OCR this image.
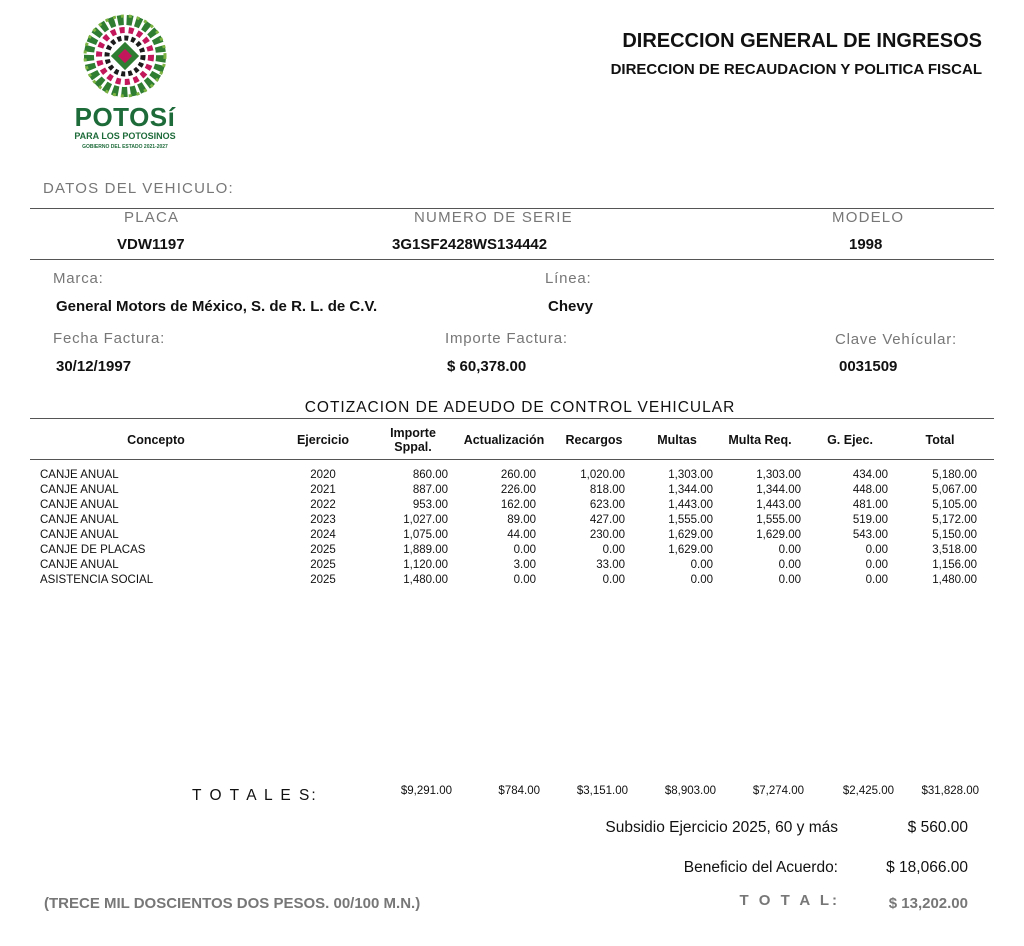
POTOSí
PARA LOS POTOSINOS
GOBIERNO DEL ESTADO 2021-2027
DIRECCION GENERAL DE INGRESOS
DIRECCION DE RECAUDACION Y POLITICA FISCAL
DATOS DEL VEHICULO:
PLACA
VDW1197
NUMERO DE SERIE
3G1SF2428WS134442
MODELO
1998
Marca:
General Motors de México, S. de R. L. de C.V.
Línea:
Chevy
Fecha Factura:
30/12/1997
Importe Factura:
$ 60,378.00
Clave Vehícular:
0031509
COTIZACION DE ADEUDO DE CONTROL VEHICULAR
Concepto	Ejercicio	Importe Sppal.	Actualización	Recargos	Multas	Multa Req.	G. Ejec.	Total
CANJE ANUAL	2020	860.00	260.00	1,020.00	1,303.00	1,303.00	434.00	5,180.00
CANJE ANUAL	2021	887.00	226.00	818.00	1,344.00	1,344.00	448.00	5,067.00
CANJE ANUAL	2022	953.00	162.00	623.00	1,443.00	1,443.00	481.00	5,105.00
CANJE ANUAL	2023	1,027.00	89.00	427.00	1,555.00	1,555.00	519.00	5,172.00
CANJE ANUAL	2024	1,075.00	44.00	230.00	1,629.00	1,629.00	543.00	5,150.00
CANJE DE PLACAS	2025	1,889.00	0.00	0.00	1,629.00	0.00	0.00	3,518.00
CANJE ANUAL	2025	1,120.00	3.00	33.00	0.00	0.00	0.00	1,156.00
ASISTENCIA SOCIAL	2025	1,480.00	0.00	0.00	0.00	0.00	0.00	1,480.00
T O T A L E S:	$9,291.00	$784.00	$3,151.00	$8,903.00	$7,274.00	$2,425.00	$31,828.00
Subsidio Ejercicio 2025, 60 y más	$ 560.00
Beneficio del Acuerdo:	$ 18,066.00
(TRECE MIL DOSCIENTOS DOS PESOS. 00/100 M.N.)	T O T A L:	$ 13,202.00
